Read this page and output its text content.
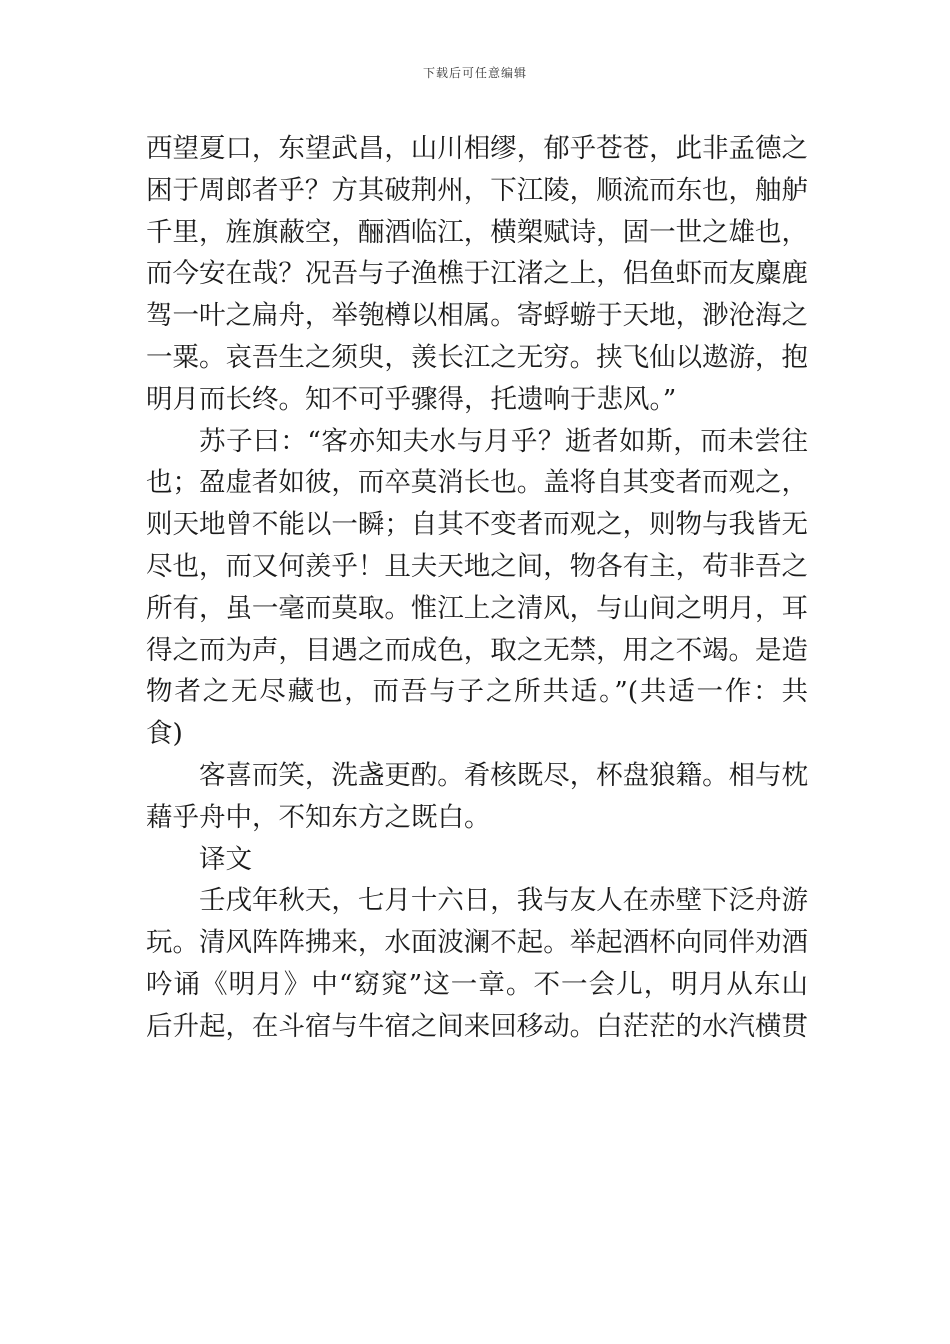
下载后可任意编辑

西望夏口，东望武昌，山川相缪，郁乎苍苍，此非孟德之
困于周郎者乎？方其破荆州，下江陵，顺流而东也，舳舻
千里，旌旗蔽空，酾酒临江，横槊赋诗，固一世之雄也，
而今安在哉？况吾与子渔樵于江渚之上，侣鱼虾而友麋鹿
驾一叶之扁舟，举匏樽以相属。寄蜉蝣于天地，渺沧海之
一粟。哀吾生之须臾，羡长江之无穷。挟飞仙以遨游，抱
明月而长终。知不可乎骤得，托遗响于悲风。”

苏子曰：“客亦知夫水与月乎？逝者如斯，而未尝往
也；盈虚者如彼，而卒莫消长也。盖将自其变者而观之，
则天地曾不能以一瞬；自其不变者而观之，则物与我皆无
尽也，而又何羡乎！且夫天地之间，物各有主，苟非吾之
所有，虽一毫而莫取。惟江上之清风，与山间之明月，耳
得之而为声，目遇之而成色，取之无禁，用之不竭。是造
物者之无尽藏也，而吾与子之所共适。”(共适一作：共
食)

客喜而笑，洗盏更酌。肴核既尽，杯盘狼籍。相与枕
藉乎舟中，不知东方之既白。

译文

壬戌年秋天，七月十六日，我与友人在赤壁下泛舟游
玩。清风阵阵拂来，水面波澜不起。举起酒杯向同伴劝酒
吟诵《明月》中“窈窕”这一章。不一会儿，明月从东山
后升起，在斗宿与牛宿之间来回移动。白茫茫的水汽横贯
